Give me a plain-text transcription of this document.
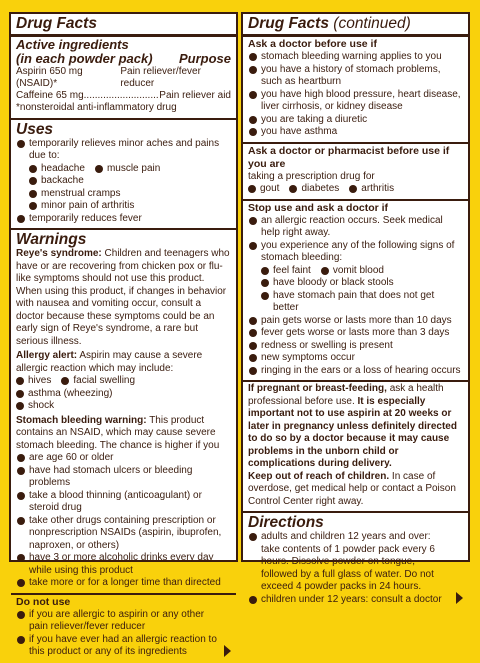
Drug Facts
Active ingredients
(in each powder pack) Purpose
Aspirin 650 mg (NSAID)*
Pain reliever/fever reducer
Caffeine 65 mg
.....	Pain reliever aid
*nonsteroidal anti-inflammatory drug
Uses
temporarily relieves minor aches and pains due to:
headache	muscle pain
backache
menstrual cramps
minor pain of arthritis
temporarily reduces fever
Warnings
Reye's syndrome: Children and teenagers who have or are recovering from chicken pox or flu-like symptoms should not use this product. When using this product, if changes in behavior with nausea and vomiting occur, consult a doctor because these symptoms could be an early sign of Reye's syndrome, a rare but serious illness.
Allergy alert: Aspirin may cause a severe allergic reaction which may include:
hives	facial swelling
asthma (wheezing)
shock
Stomach bleeding warning: This product contains an NSAID, which may cause severe stomach bleeding. The chance is higher if you
are age 60 or older
have had stomach ulcers or bleeding problems
take a blood thinning (anticoagulant) or steroid drug
take other drugs containing prescription or nonprescription NSAIDs (aspirin, ibuprofen, naproxen, or others)
have 3 or more alcoholic drinks every day while using this product
take more or for a longer time than directed
Do not use
if you are allergic to aspirin or any other pain reliever/fever reducer
if you have ever had an allergic reaction to this product or any of its ingredients
Drug Facts (continued)
Ask a doctor before use if
stomach bleeding warning applies to you
you have a history of stomach problems, such as heartburn
you have high blood pressure, heart disease, liver cirrhosis, or kidney disease
you are taking a diuretic
you have asthma
Ask a doctor or pharmacist before use if you are
taking a prescription drug for
gout	diabetes	arthritis
Stop use and ask a doctor if
an allergic reaction occurs. Seek medical help right away.
you experience any of the following signs of stomach bleeding:
feel faint	vomit blood
have bloody or black stools
have stomach pain that does not get better
pain gets worse or lasts more than 10 days
fever gets worse or lasts more than 3 days
redness or swelling is present
new symptoms occur
ringing in the ears or a loss of hearing occurs
If pregnant or breast-feeding, ask a health professional before use. It is especially important not to use aspirin at 20 weeks or later in pregnancy unless definitely directed to do so by a doctor because it may cause problems in the unborn child or complications during delivery.
Keep out of reach of children. In case of overdose, get medical help or contact a Poison Control Center right away.
Directions
adults and children 12 years and over: take contents of 1 powder pack every 6 hours. Dissolve powder on tongue, followed by a full glass of water. Do not exceed 4 powder packs in 24 hours.
children under 12 years: consult a doctor
